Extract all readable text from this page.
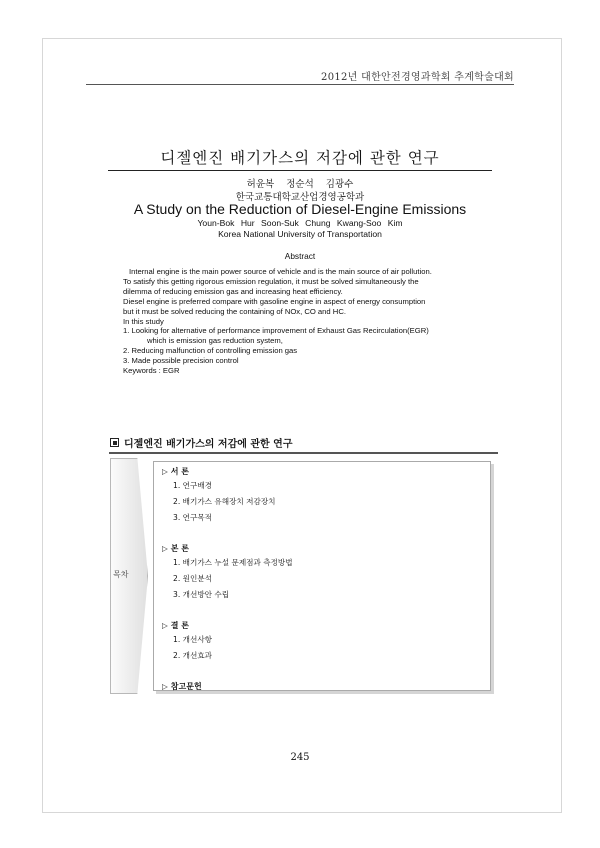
2012년 대한안전경영과학회 추계학술대회
디젤엔진 배기가스의 저감에 관한 연구
허윤복 정순석 김광수
한국교통대학교산업경영공학과
A Study on the Reduction of Diesel-Engine Emissions
Youn-Bok Hur Soon-Suk Chung Kwang-Soo Kim
Korea National University of Transportation
Abstract
Internal engine is the main power source of vehicle and is the main source of air pollution.
To satisfy this getting rigorous emission regulation, it must be solved simultaneously the
dilemma of reducing emission gas and increasing heat efficiency.
Diesel engine is preferred compare with gasoline engine in aspect of energy consumption
but it must be solved reducing the containing of NOx, CO and HC.
In this study
1. Looking for alternative of performance improvement of Exhaust Gas Recirculation(EGR)
which is emission gas reduction system,
2. Reducing malfunction of controlling emission gas
3. Made possible precision control
Keywords : EGR
디젤엔진 배기가스의 저감에 관한 연구
목차
▷ 서 론
1. 연구배경
2. 배기가스 유해장치 저감장치
3. 연구목적
▷ 본 론
1. 배기가스 누설 문제점과 측정방법
2. 원인분석
3. 개선방안 수립
▷ 결 론
1. 개선사항
2. 개선효과
▷ 참고문헌
245
